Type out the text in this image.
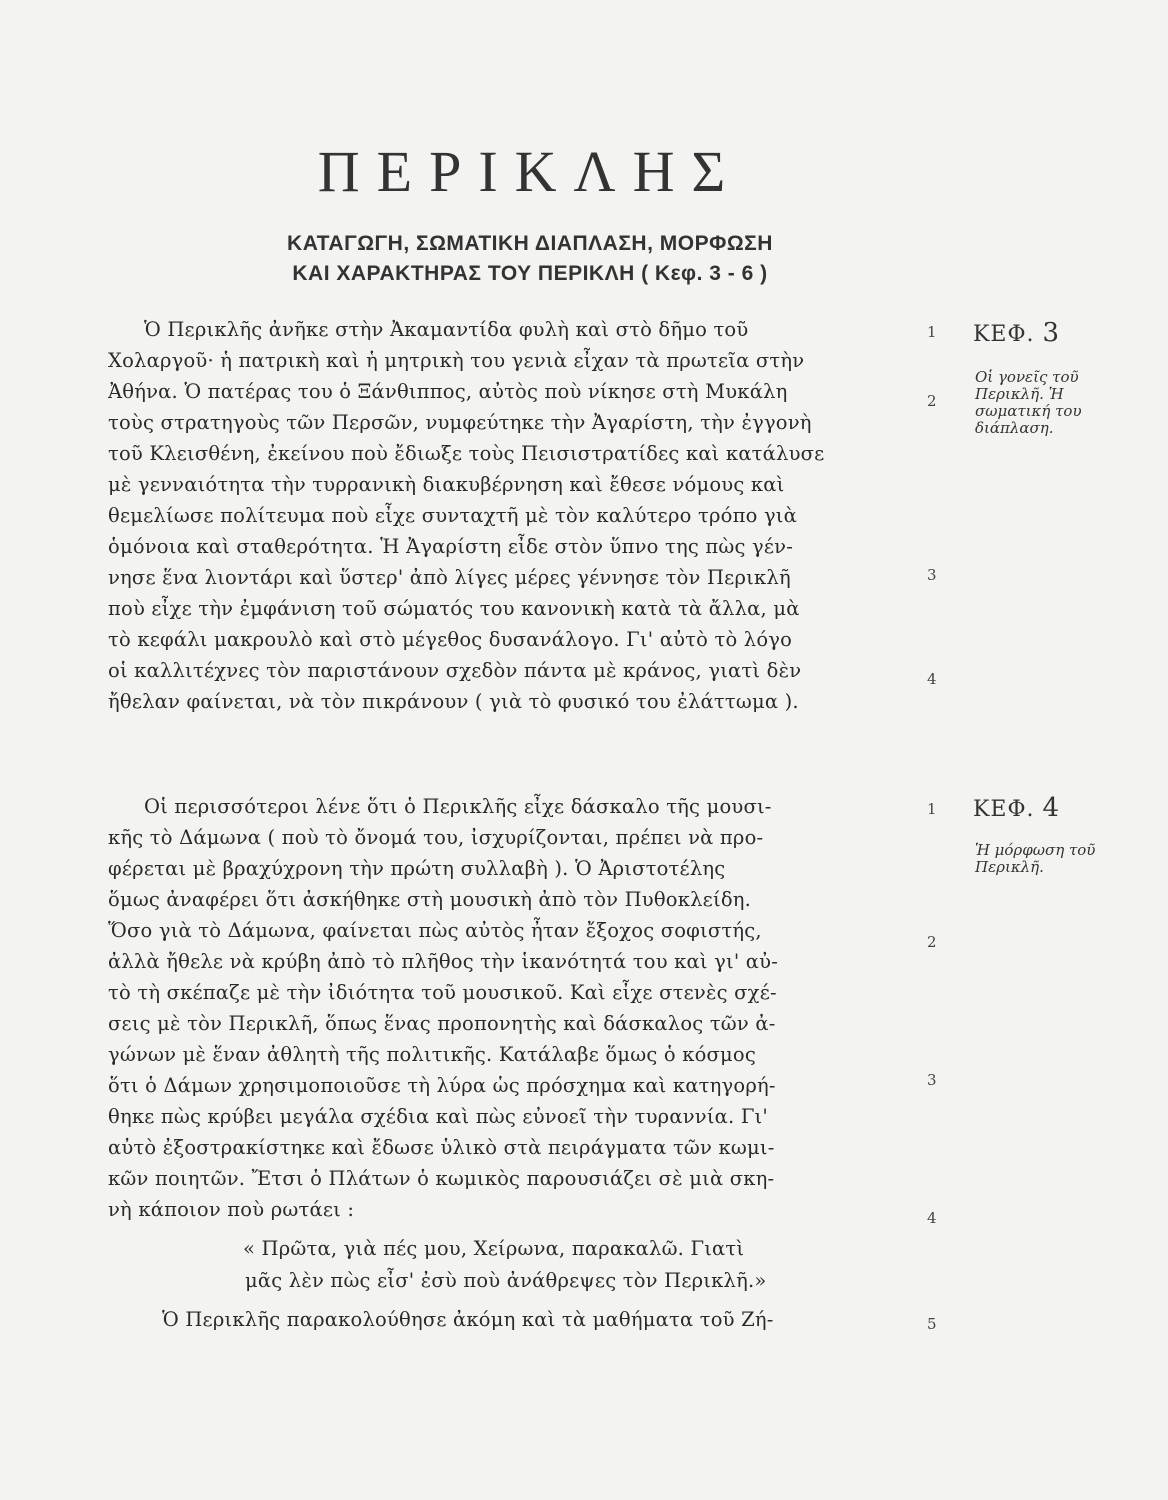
ΠΕΡΙΚΛΗΣ
ΚΑΤΑΓΩΓΗ, ΣΩΜΑΤΙΚΗ ΔΙΑΠΛΑΣΗ, ΜΟΡΦΩΣΗ
ΚΑΙ ΧΑΡΑΚΤΗΡΑΣ ΤΟΥ ΠΕΡΙΚΛΗ ( Κεφ. 3 - 6 )
Ὁ Περικλῆς ἀνῆκε στὴν Ἀκαμαντίδα φυλὴ καὶ στὸ δῆμο τοῦ
Χολαργοῦ· ἡ πατρικὴ καὶ ἡ μητρικὴ του γενιὰ εἶχαν τὰ πρωτεῖα στὴν
Ἀθήνα. Ὁ πατέρας του ὁ Ξάνθιππος, αὐτὸς ποὺ νίκησε στὴ Μυκάλη
τοὺς στρατηγοὺς τῶν Περσῶν, νυμφεύτηκε τὴν Ἀγαρίστη, τὴν ἐγγονὴ
τοῦ Κλεισθένη, ἐκείνου ποὺ ἔδιωξε τοὺς Πεισιστρατίδες καὶ κατάλυσε
μὲ γενναιότητα τὴν τυρρανικὴ διακυβέρνηση καὶ ἔθεσε νόμους καὶ
θεμελίωσε πολίτευμα ποὺ εἶχε συνταχτῆ μὲ τὸν καλύτερο τρόπο γιὰ
ὁμόνοια καὶ σταθερότητα. Ἡ Ἀγαρίστη εἶδε στὸν ὕπνο της πὼς γέν-
νησε ἕνα λιοντάρι καὶ ὕστερ' ἀπὸ λίγες μέρες γέννησε τὸν Περικλῆ
ποὺ εἶχε τὴν ἐμφάνιση τοῦ σώματός του κανονικὴ κατὰ τὰ ἄλλα, μὰ
τὸ κεφάλι μακρουλὸ καὶ στὸ μέγεθος δυσανάλογο. Γι' αὐτὸ τὸ λόγο
οἱ καλλιτέχνες τὸν παριστάνουν σχεδὸν πάντα μὲ κράνος, γιατὶ δὲν
ἤθελαν φαίνεται, νὰ τὸν πικράνουν ( γιὰ τὸ φυσικό του ἐλάττωμα ).
1
2
3
4
ΚΕΦ. 3
Οἱ γονεῖς τοῦ Περικλῆ. Ἡ σωματική του διάπλαση.
Οἱ περισσότεροι λένε ὅτι ὁ Περικλῆς εἶχε δάσκαλο τῆς μουσι-
κῆς τὸ Δάμωνα ( ποὺ τὸ ὄνομά του, ἰσχυρίζονται, πρέπει νὰ προ-
φέρεται μὲ βραχύχρονη τὴν πρώτη συλλαβὴ ). Ὁ Ἀριστοτέλης
ὅμως ἀναφέρει ὅτι ἀσκήθηκε στὴ μουσικὴ ἀπὸ τὸν Πυθοκλείδη.
Ὅσο γιὰ τὸ Δάμωνα, φαίνεται πὼς αὐτὸς ἦταν ἔξοχος σοφιστής,
ἀλλὰ ἤθελε νὰ κρύβη ἀπὸ τὸ πλῆθος τὴν ἱκανότητά του καὶ γι' αὐ-
τὸ τὴ σκέπαζε μὲ τὴν ἰδιότητα τοῦ μουσικοῦ. Καὶ εἶχε στενὲς σχέ-
σεις μὲ τὸν Περικλῆ, ὅπως ἕνας προπονητὴς καὶ δάσκαλος τῶν ἀ-
γώνων μὲ ἕναν ἀθλητὴ τῆς πολιτικῆς. Κατάλαβε ὅμως ὁ κόσμος
ὅτι ὁ Δάμων χρησιμοποιοῦσε τὴ λύρα ὡς πρόσχημα καὶ κατηγορή-
θηκε πὼς κρύβει μεγάλα σχέδια καὶ πὼς εὐνοεῖ τὴν τυραννία. Γι'
αὐτὸ ἐξοστρακίστηκε καὶ ἔδωσε ὑλικὸ στὰ πειράγματα τῶν κωμι-
κῶν ποιητῶν. Ἔτσι ὁ Πλάτων ὁ κωμικὸς παρουσιάζει σὲ μιὰ σκη-
νὴ κάποιον ποὺ ρωτάει :
« Πρῶτα, γιὰ πές μου, Χείρωνα, παρακαλῶ. Γιατὶ
μᾶς λὲν πὼς εἶσ' ἐσὺ ποὺ ἀνάθρεψες τὸν Περικλῆ.»
Ὁ Περικλῆς παρακολούθησε ἀκόμη καὶ τὰ μαθήματα τοῦ Ζή-
1
2
3
4
5
ΚΕΦ. 4
Ἡ μόρφωση τοῦ Περικλῆ.
